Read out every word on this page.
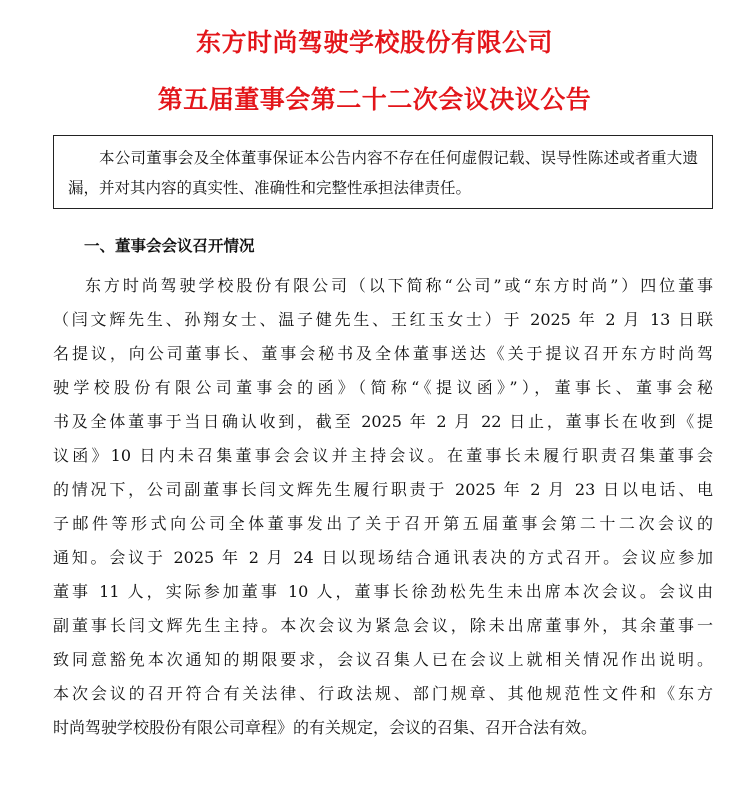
东方时尚驾驶学校股份有限公司
第五届董事会第二十二次会议决议公告

本公司董事会及全体董事保证本公告内容不存在任何虚假记载、误导性陈述或者重大遗漏，并对其内容的真实性、准确性和完整性承担法律责任。

一、董事会会议召开情况
东方时尚驾驶学校股份有限公司（以下简称“公司”或“东方时尚”）四位董事
（闫文辉先生、孙翔女士、温子健先生、王红玉女士）于 2025 年 2 月 13 日联
名提议，向公司董事长、董事会秘书及全体董事送达《关于提议召开东方时尚驾
驶学校股份有限公司董事会的函》（简称“《提议函》”），董事长、董事会秘
书及全体董事于当日确认收到，截至 2025 年 2 月 22 日止，董事长在收到《提
议函》10 日内未召集董事会会议并主持会议。在董事长未履行职责召集董事会
的情况下，公司副董事长闫文辉先生履行职责于 2025 年 2 月 23 日以电话、电
子邮件等形式向公司全体董事发出了关于召开第五届董事会第二十二次会议的
通知。会议于 2025 年 2 月 24 日以现场结合通讯表决的方式召开。会议应参加
董事 11 人，实际参加董事 10 人，董事长徐劲松先生未出席本次会议。会议由
副董事长闫文辉先生主持。本次会议为紧急会议，除未出席董事外，其余董事一
致同意豁免本次通知的期限要求，会议召集人已在会议上就相关情况作出说明。
本次会议的召开符合有关法律、行政法规、部门规章、其他规范性文件和《东方
时尚驾驶学校股份有限公司章程》的有关规定，会议的召集、召开合法有效。
